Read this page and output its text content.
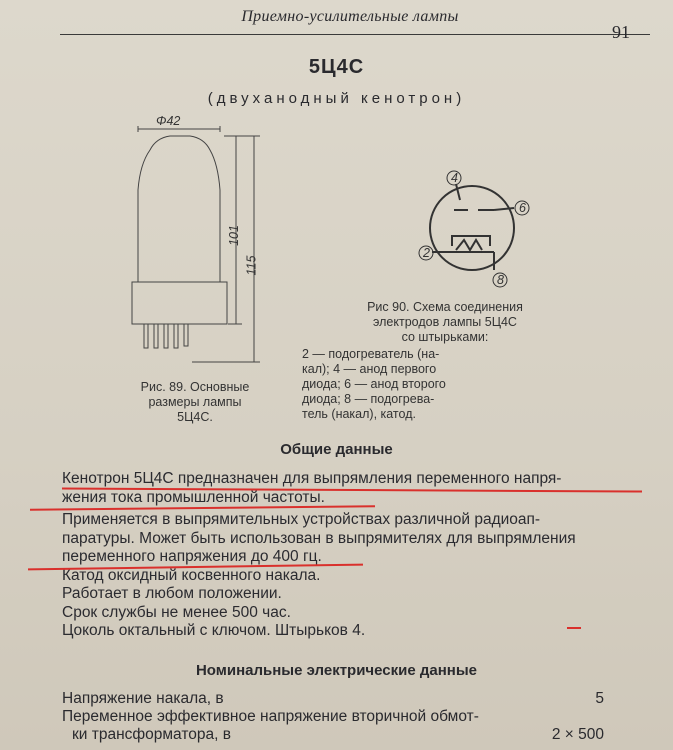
Приемно-усилительные лампы
91
5Ц4С
(двуханодный кенотрон)
Φ42
101
115
Рис. 89. Основные
размеры лампы
5Ц4С.
4
6
2
8
Рис 90. Схема соединения
электродов лампы 5Ц4С
со штырьками:
2 — подогреватель (на-
кал); 4 — анод первого
диода; 6 — анод второго
диода; 8 — подогрева-
тель (накал), катод.
Общие данные
Кенотрон 5Ц4С предназначен для выпрямления переменного напря-
жения тока промышленной частоты.
Применяется в выпрямительных устройствах различной радиоап-
паратуры. Может быть использован в выпрямителях для выпрямления
переменного напряжения до 400 гц.
Катод оксидный косвенного накала.
Работает в любом положении.
Срок службы не менее 500 час.
Цоколь октальный с ключом. Штырьков 4.
Номинальные электрические данные
Напряжение накала, в	5
Переменное эффективное напряжение вторичной обмот-
ки трансформатора, в	2 × 500
